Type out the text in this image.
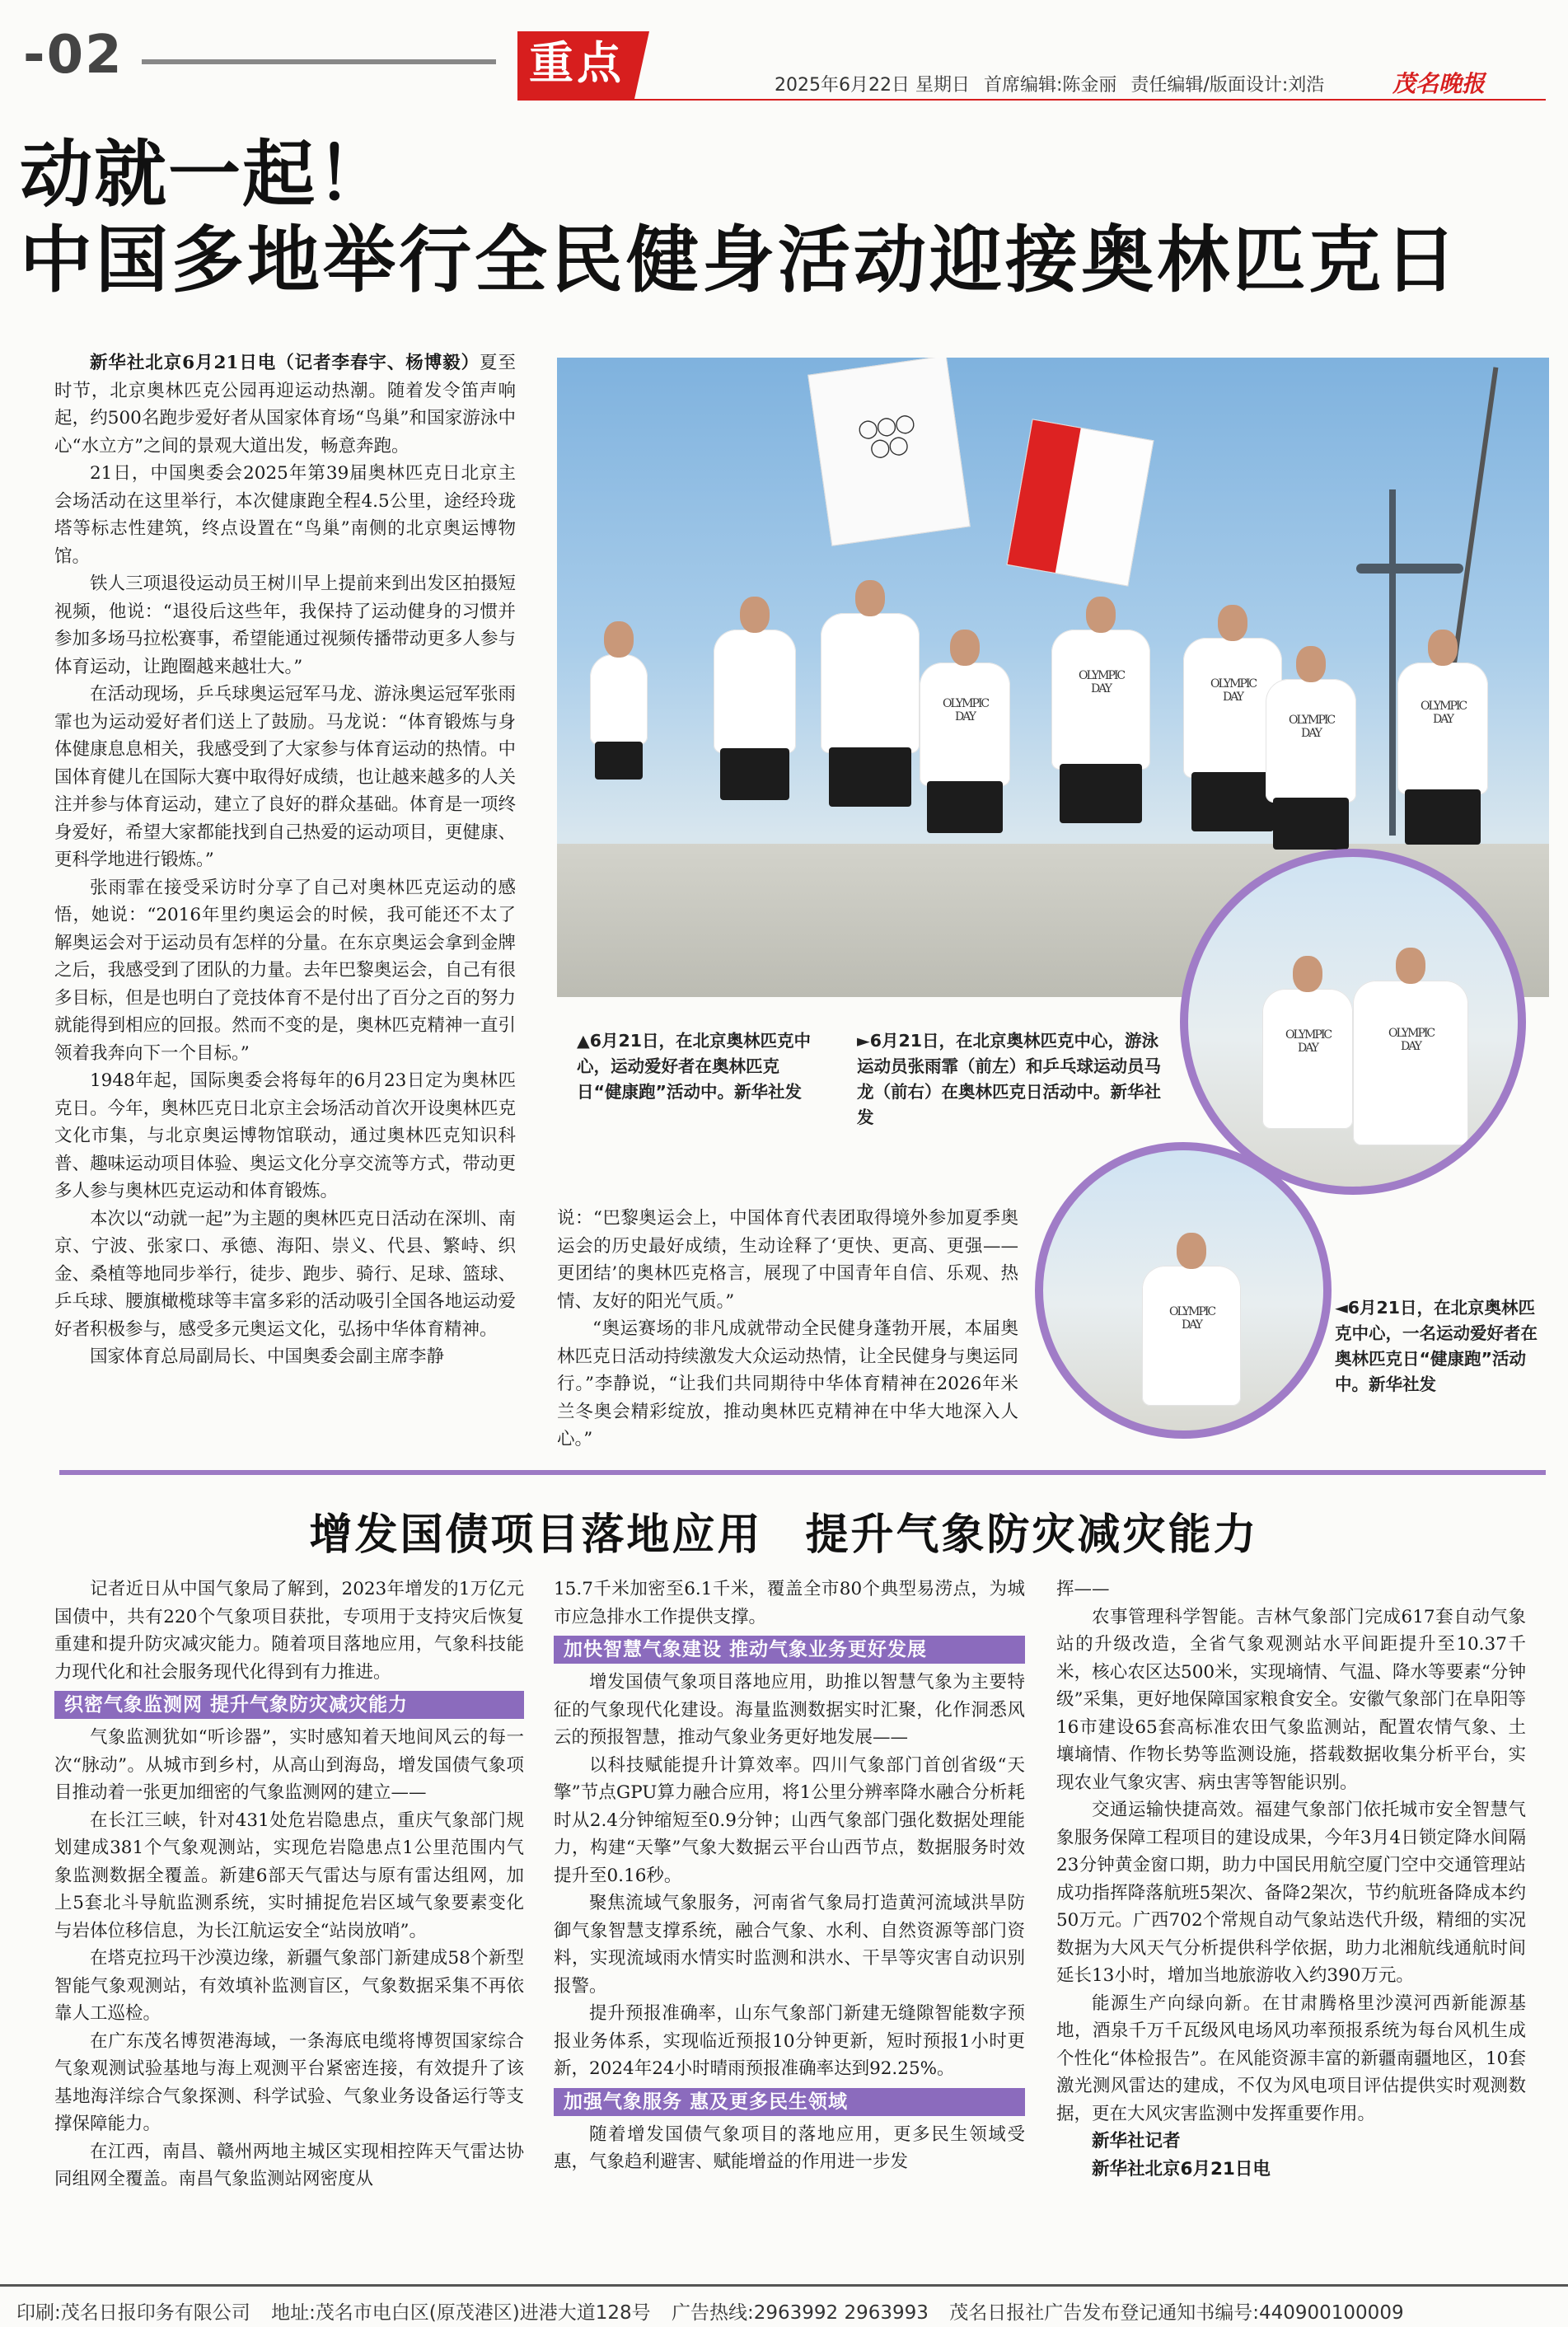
-02	重点	2025年6月22日 星期日 首席编辑:陈金丽 责任编辑/版面设计:刘浩	茂名晚报
动就一起！
中国多地举行全民健身活动迎接奥林匹克日

新华社北京6月21日电（记者李春宇、杨博毅）夏至时节，北京奥林匹克公园再迎运动热潮。随着发令笛声响起，约500名跑步爱好者从国家体育场“鸟巢”和国家游泳中心“水立方”之间的景观大道出发，畅意奔跑。

21日，中国奥委会2025年第39届奥林匹克日北京主会场活动在这里举行，本次健康跑全程4.5公里，途经玲珑塔等标志性建筑，终点设置在“鸟巢”南侧的北京奥运博物馆。

铁人三项退役运动员王树川早上提前来到出发区拍摄短视频，他说：“退役后这些年，我保持了运动健身的习惯并参加多场马拉松赛事，希望能通过视频传播带动更多人参与体育运动，让跑圈越来越壮大。”

在活动现场，乒乓球奥运冠军马龙、游泳奥运冠军张雨霏也为运动爱好者们送上了鼓励。马龙说：“体育锻炼与身体健康息息相关，我感受到了大家参与体育运动的热情。中国体育健儿在国际大赛中取得好成绩，也让越来越多的人关注并参与体育运动，建立了良好的群众基础。体育是一项终身爱好，希望大家都能找到自己热爱的运动项目，更健康、更科学地进行锻炼。”

张雨霏在接受采访时分享了自己对奥林匹克运动的感悟，她说：“2016年里约奥运会的时候，我可能还不太了解奥运会对于运动员有怎样的分量。在东京奥运会拿到金牌之后，我感受到了团队的力量。去年巴黎奥运会，自己有很多目标，但是也明白了竞技体育不是付出了百分之百的努力就能得到相应的回报。然而不变的是，奥林匹克精神一直引领着我奔向下一个目标。”

1948年起，国际奥委会将每年的6月23日定为奥林匹克日。今年，奥林匹克日北京主会场活动首次开设奥林匹克文化市集，与北京奥运博物馆联动，通过奥林匹克知识科普、趣味运动项目体验、奥运文化分享交流等方式，带动更多人参与奥林匹克运动和体育锻炼。

本次以“动就一起”为主题的奥林匹克日活动在深圳、南京、宁波、张家口、承德、海阳、崇义、代县、繁峙、织金、桑植等地同步举行，徒步、跑步、骑行、足球、篮球、乒乓球、腰旗橄榄球等丰富多彩的活动吸引全国各地运动爱好者积极参与，感受多元奥运文化，弘扬中华体育精神。

国家体育总局副局长、中国奥委会副主席李静

◯◯◯
◯◯
OLYMPIC DAY
OLYMPIC DAY	OLYMPIC DAY
OLYMPIC DAY
OLYMPIC DAY
▲6月21日，在北京奥林匹克中心，运动爱好者在奥林匹克日“健康跑”活动中。新华社发
►6月21日，在北京奥林匹克中心，游泳运动员张雨霏（前左）和乒乓球运动员马龙（前右）在奥林匹克日活动中。新华社发
OLYMPIC DAY
OLYMPIC DAY
OLYMPIC DAY

说：“巴黎奥运会上，中国体育代表团取得境外参加夏季奥运会的历史最好成绩，生动诠释了‘更快、更高、更强——更团结’的奥林匹克格言，展现了中国青年自信、乐观、热情、友好的阳光气质。”

“奥运赛场的非凡成就带动全民健身蓬勃开展，本届奥林匹克日活动持续激发大众运动热情，让全民健身与奥运同行。”李静说，“让我们共同期待中华体育精神在2026年米兰冬奥会精彩绽放，推动奥林匹克精神在中华大地深入人心。”

◄6月21日，在北京奥林匹克中心，一名运动爱好者在奥林匹克日“健康跑”活动中。新华社发
增发国债项目落地应用 提升气象防灾减灾能力

记者近日从中国气象局了解到，2023年增发的1万亿元国债中，共有220个气象项目获批，专项用于支持灾后恢复重建和提升防灾减灾能力。随着项目落地应用，气象科技能力现代化和社会服务现代化得到有力推进。

织密气象监测网 提升气象防灾减灾能力

气象监测犹如“听诊器”，实时感知着天地间风云的每一次“脉动”。从城市到乡村，从高山到海岛，增发国债气象项目推动着一张更加细密的气象监测网的建立——

在长江三峡，针对431处危岩隐患点，重庆气象部门规划建成381个气象观测站，实现危岩隐患点1公里范围内气象监测数据全覆盖。新建6部天气雷达与原有雷达组网，加上5套北斗导航监测系统，实时捕捉危岩区域气象要素变化与岩体位移信息，为长江航运安全“站岗放哨”。

在塔克拉玛干沙漠边缘，新疆气象部门新建成58个新型智能气象观测站，有效填补监测盲区，气象数据采集不再依靠人工巡检。

在广东茂名博贺港海域，一条海底电缆将博贺国家综合气象观测试验基地与海上观测平台紧密连接，有效提升了该基地海洋综合气象探测、科学试验、气象业务设备运行等支撑保障能力。

在江西，南昌、赣州两地主城区实现相控阵天气雷达协同组网全覆盖。南昌气象监测站网密度从

15.7千米加密至6.1千米，覆盖全市80个典型易涝点，为城市应急排水工作提供支撑。

加快智慧气象建设 推动气象业务更好发展

增发国债气象项目落地应用，助推以智慧气象为主要特征的气象现代化建设。海量监测数据实时汇聚，化作洞悉风云的预报智慧，推动气象业务更好地发展——

以科技赋能提升计算效率。四川气象部门首创省级“天擎”节点GPU算力融合应用，将1公里分辨率降水融合分析耗时从2.4分钟缩短至0.9分钟；山西气象部门强化数据处理能力，构建“天擎”气象大数据云平台山西节点，数据服务时效提升至0.16秒。

聚焦流域气象服务，河南省气象局打造黄河流域洪旱防御气象智慧支撑系统，融合气象、水利、自然资源等部门资料，实现流域雨水情实时监测和洪水、干旱等灾害自动识别报警。

提升预报准确率，山东气象部门新建无缝隙智能数字预报业务体系，实现临近预报10分钟更新，短时预报1小时更新，2024年24小时晴雨预报准确率达到92.25%。

加强气象服务 惠及更多民生领域

随着增发国债气象项目的落地应用，更多民生领域受惠，气象趋利避害、赋能增益的作用进一步发

挥——

农事管理科学智能。吉林气象部门完成617套自动气象站的升级改造，全省气象观测站水平间距提升至10.37千米，核心农区达500米，实现墒情、气温、降水等要素“分钟级”采集，更好地保障国家粮食安全。安徽气象部门在阜阳等16市建设65套高标准农田气象监测站，配置农情气象、土壤墒情、作物长势等监测设施，搭载数据收集分析平台，实现农业气象灾害、病虫害等智能识别。

交通运输快捷高效。福建气象部门依托城市安全智慧气象服务保障工程项目的建设成果，今年3月4日锁定降水间隔23分钟黄金窗口期，助力中国民用航空厦门空中交通管理站成功指挥降落航班5架次、备降2架次，节约航班备降成本约50万元。广西702个常规自动气象站迭代升级，精细的实况数据为大风天气分析提供科学依据，助力北湘航线通航时间延长13小时，增加当地旅游收入约390万元。

能源生产向绿向新。在甘肃腾格里沙漠河西新能源基地，酒泉千万千瓦级风电场风功率预报系统为每台风机生成个性化“体检报告”。在风能资源丰富的新疆南疆地区，10套激光测风雷达的建成，不仅为风电项目评估提供实时观测数据，更在大风灾害监测中发挥重要作用。

新华社记者

新华社北京6月21日电

印刷:茂名日报印务有限公司 地址:茂名市电白区(原茂港区)进港大道128号 广告热线:2963992 2963993 茂名日报社广告发布登记通知书编号:440900100009
